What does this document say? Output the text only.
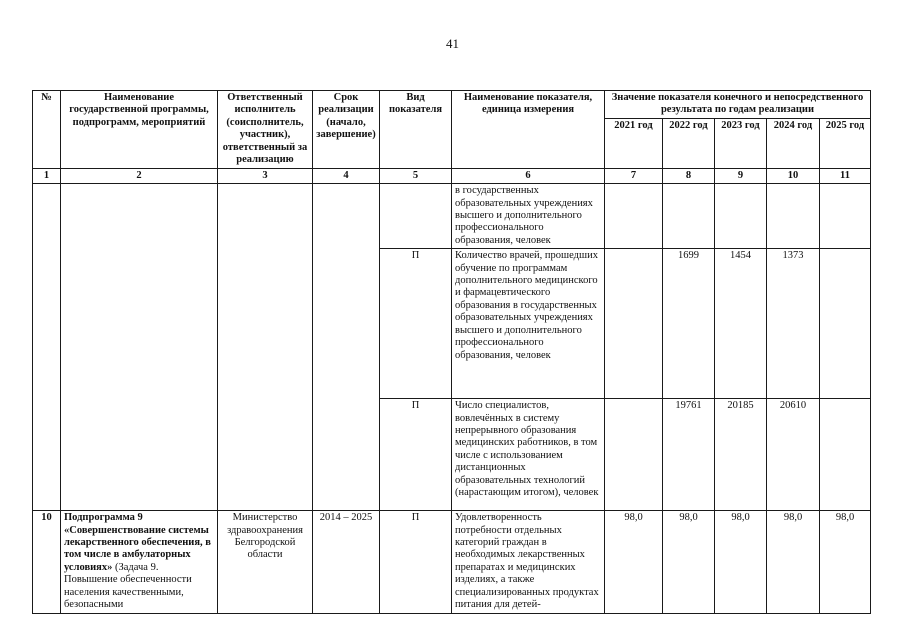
41
№	Наименование государственной программы, подпрограмм, мероприятий	Ответственный исполнитель (соисполнитель, участник), ответственный за реализацию	Срок реализации (начало, завершение)	Вид показателя	Наименование показателя, единица измерения	Значение показателя конечного и непосредственного результата по годам реализации				
						2021 год	2022 год	2023 год	2024 год	2025 год
1	2	3	4	5	6	7	8	9	10	11
					в государственных образовательных учреждениях высшего и дополнительного профессионального образования, человек					
				П	Количество врачей, прошедших обучение по программам дополнительного медицинского и фармацевтического образования в государственных образовательных учреждениях высшего и дополнительного профессионального образования, человек		1699	1454	1373	
				П	Число специалистов, вовлечённых в систему непрерывного образования медицинских работников, в том числе с использованием дистанционных образовательных технологий (нарастающим итогом), человек		19761	20185	20610	
10	Подпрограмма 9 «Совершенствование системы лекарственного обеспечения, в том числе в амбулаторных условиях» (Задача 9. Повышение обеспеченности населения качественными, безопасными	Министерство здравоохранения Белгородской области	2014 – 2025	П	Удовлетворенность потребности отдельных категорий граждан в необходимых лекарственных препаратах и медицинских изделиях, а также специализированных продуктах питания для детей-	98,0	98,0	98,0	98,0	98,0
